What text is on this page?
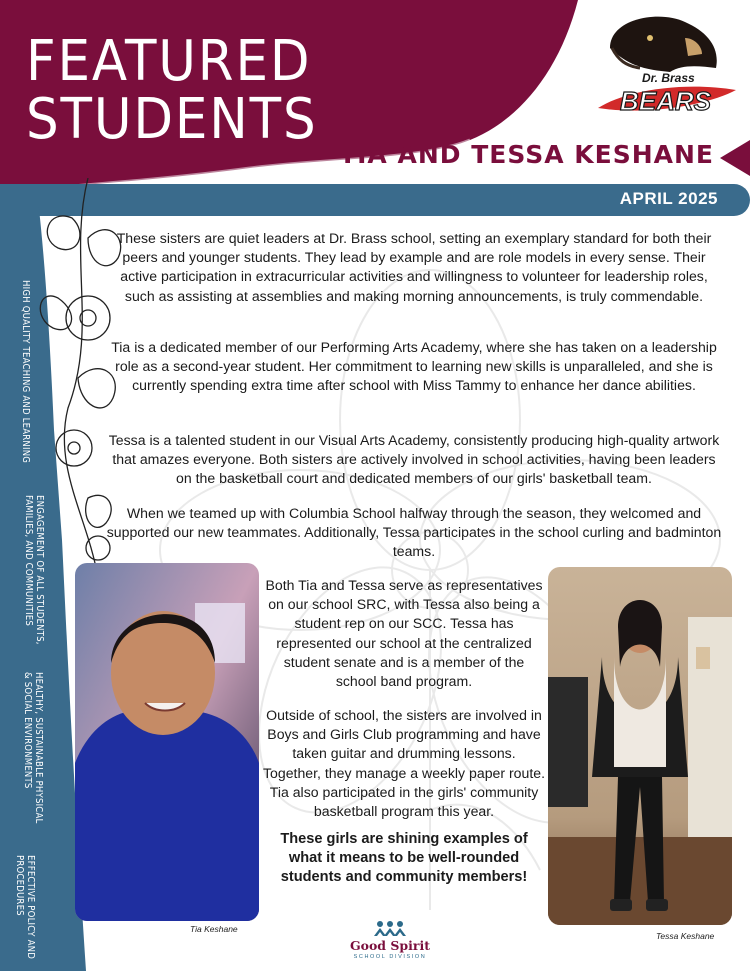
FEATURED
STUDENTS
Dr. Brass
BEARS
TIA AND TESSA KESHANE
APRIL 2025
HIGH QUALITY TEACHING AND LEARNING
ENGAGEMENT OF ALL STUDENTS, FAMILIES, AND COMMUNITIES
HEALTHY, SUSTAINABLE PHYSICAL & SOCIAL ENVIRONMENTS
EFFECTIVE POLICY AND PROCEDURES
These sisters are quiet leaders at Dr. Brass school, setting an exemplary standard for both their peers and younger students. They lead by example and are role models in every sense. Their active participation in extracurricular activities and willingness to volunteer for leadership roles, such as assisting at assemblies and making morning announcements, is truly commendable.
Tia is a dedicated member of our Performing Arts Academy, where she has taken on a leadership role as a second-year student. Her commitment to learning new skills is unparalleled, and she is currently spending extra time after school with Miss Tammy to enhance her dance abilities.
Tessa is a talented student in our Visual Arts Academy, consistently producing high-quality artwork that amazes everyone. Both sisters are actively involved in school activities, having been leaders on the basketball court and dedicated members of our girls' basketball team.
When we teamed up with Columbia School halfway through the season, they welcomed and supported our new teammates. Additionally, Tessa participates in the school curling and badminton teams.
Both Tia and Tessa serve as representatives on our school SRC, with Tessa also being a student rep on our SCC. Tessa has represented our school at the centralized student senate and is a member of the school band program.
Outside of school, the sisters are involved in Boys and Girls Club programming and have taken guitar and drumming lessons. Together, they manage a weekly paper route. Tia also participated in the girls' community basketball program this year.
These girls are shining examples of what it means to be well-rounded students and community members!
Tia Keshane
Tessa Keshane
Good Spirit
SCHOOL DIVISION
